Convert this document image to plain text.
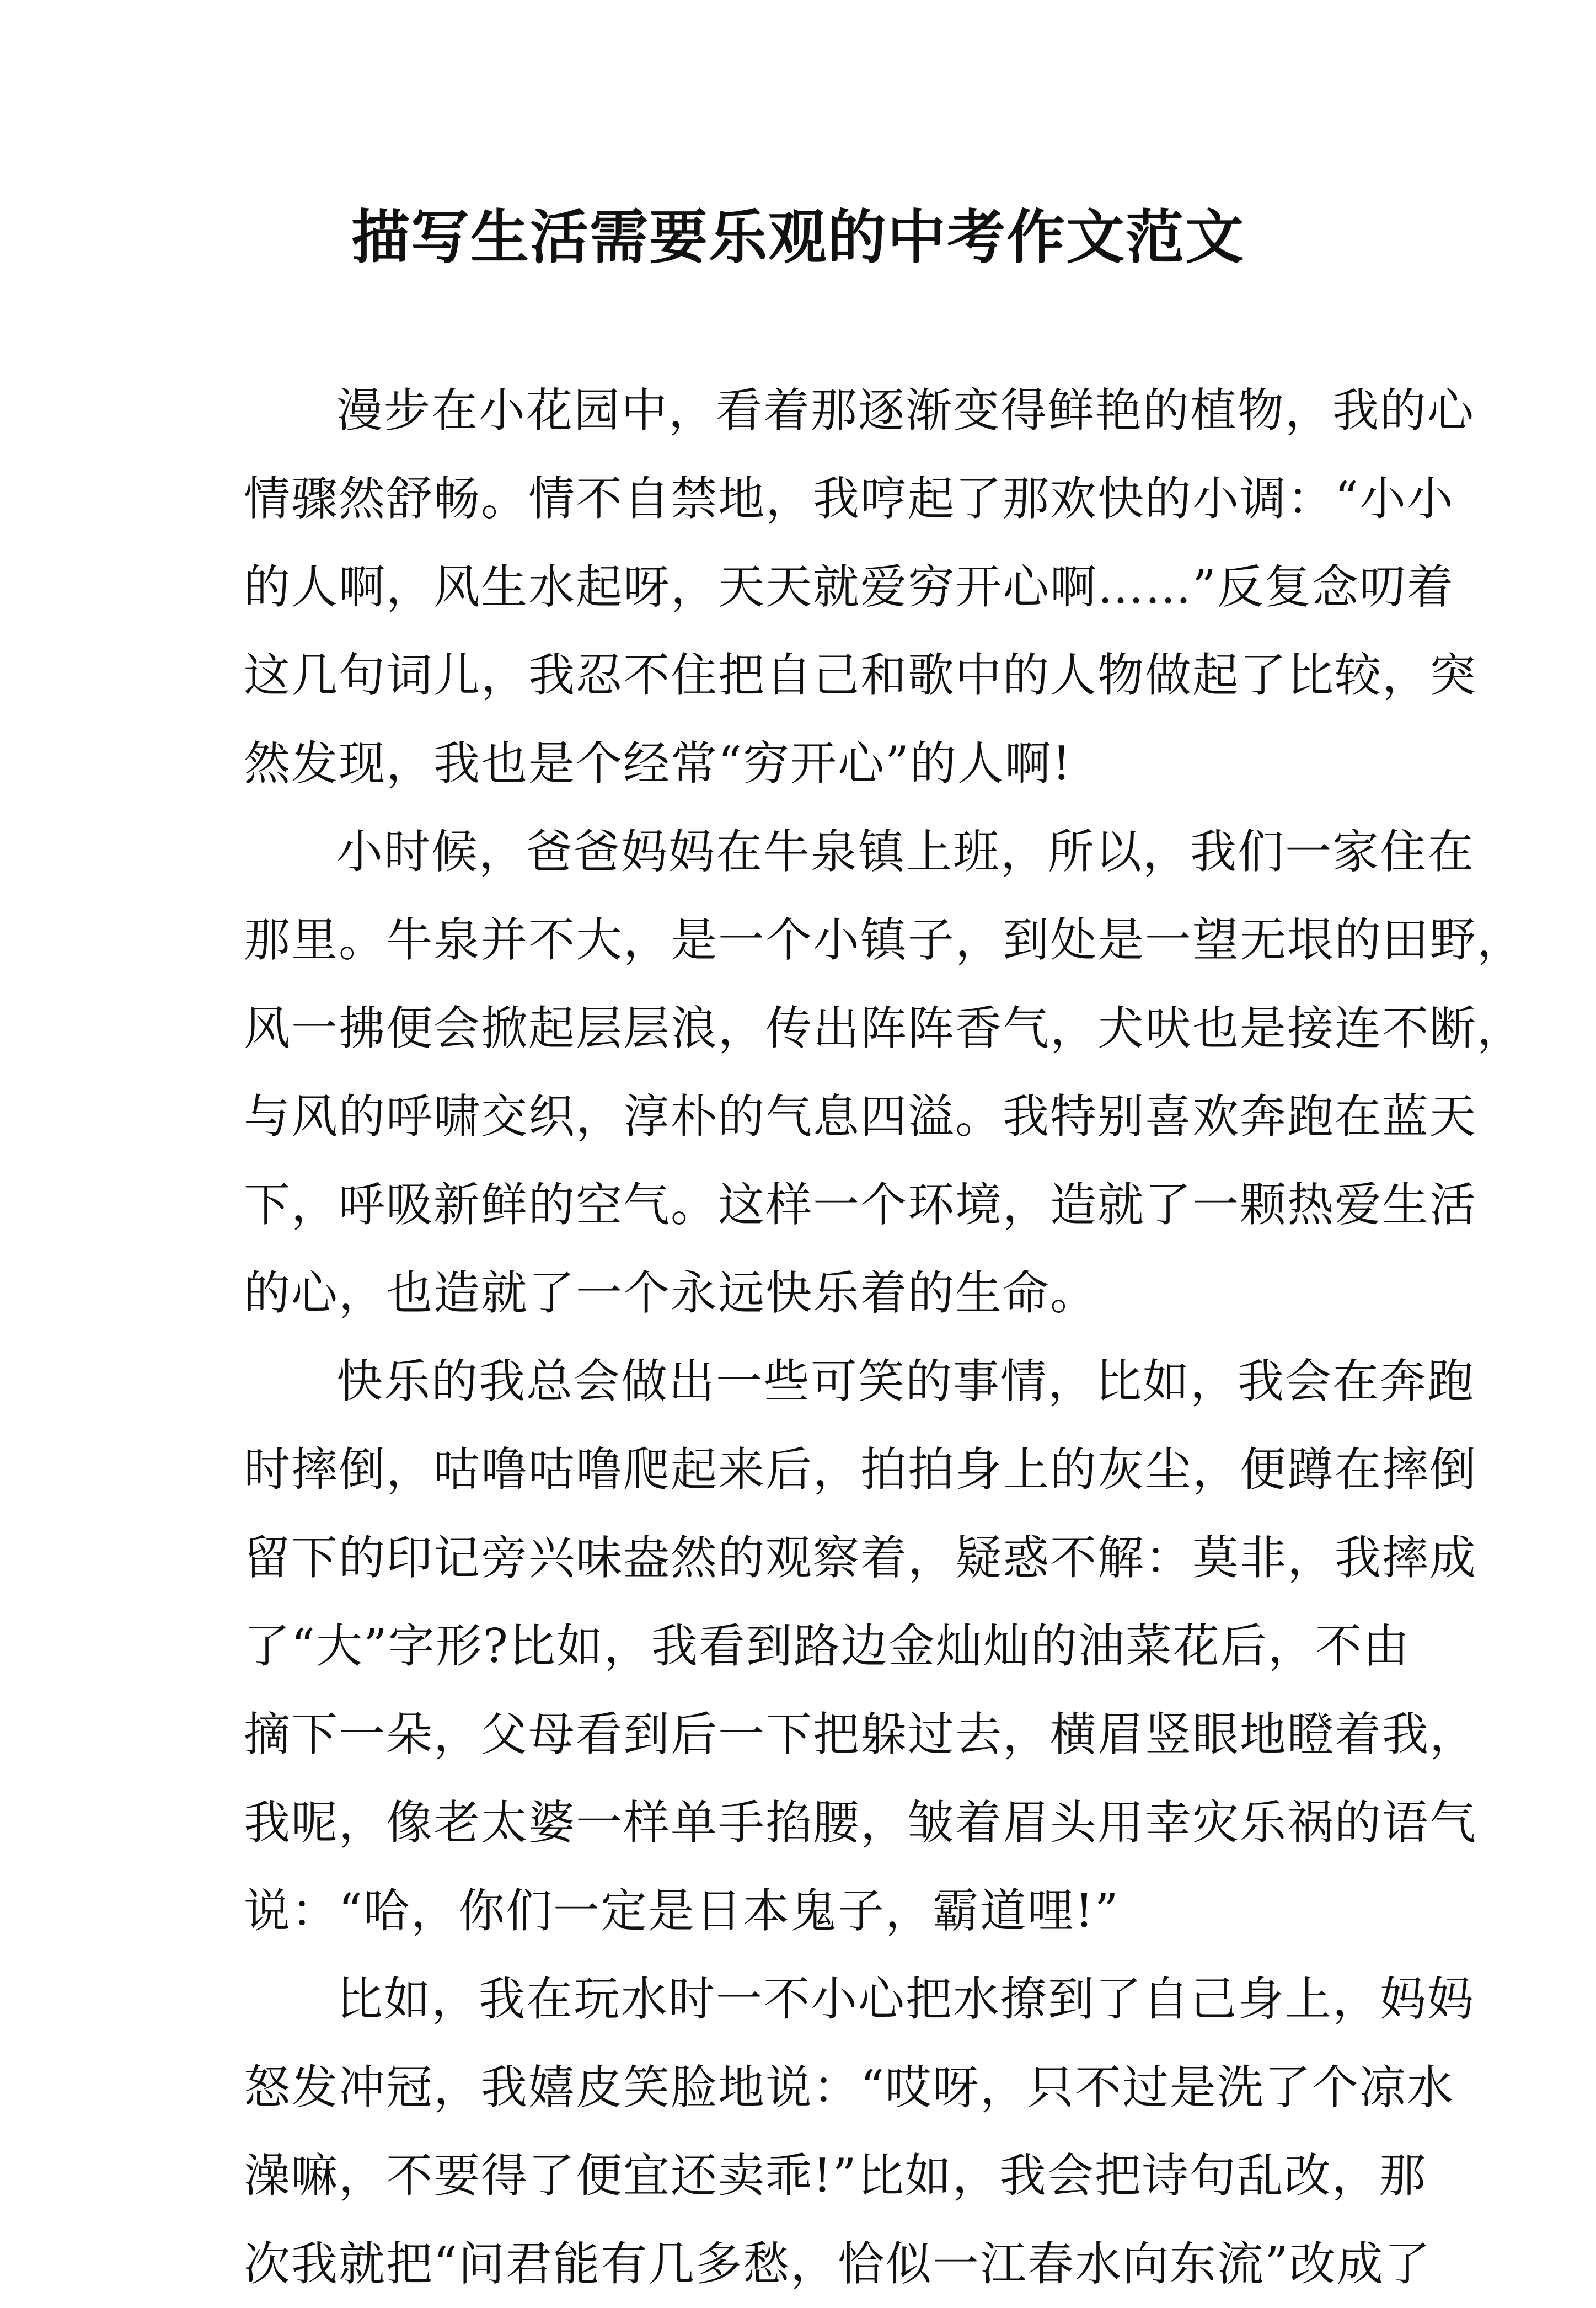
描写生活需要乐观的中考作文范文

漫步在小花园中，看着那逐渐变得鲜艳的植物，我的心
情骤然舒畅。情不自禁地，我哼起了那欢快的小调：“小小
的人啊，风生水起呀，天天就爱穷开心啊……”反复念叨着
这几句词儿，我忍不住把自己和歌中的人物做起了比较，突
然发现，我也是个经常“穷开心”的人啊!

小时候，爸爸妈妈在牛泉镇上班，所以，我们一家住在
那里。牛泉并不大，是一个小镇子，到处是一望无垠的田野，
风一拂便会掀起层层浪，传出阵阵香气，犬吠也是接连不断，
与风的呼啸交织，淳朴的气息四溢。我特别喜欢奔跑在蓝天
下，呼吸新鲜的空气。这样一个环境，造就了一颗热爱生活
的心，也造就了一个永远快乐着的生命。

快乐的我总会做出一些可笑的事情，比如，我会在奔跑
时摔倒，咕噜咕噜爬起来后，拍拍身上的灰尘，便蹲在摔倒
留下的印记旁兴味盎然的观察着，疑惑不解：莫非，我摔成
了“大”字形?比如，我看到路边金灿灿的油菜花后，不由
摘下一朵，父母看到后一下把躲过去，横眉竖眼地瞪着我，
我呢，像老太婆一样单手掐腰，皱着眉头用幸灾乐祸的语气
说：“哈，你们一定是日本鬼子，霸道哩!”

比如，我在玩水时一不小心把水撩到了自己身上，妈妈
怒发冲冠，我嬉皮笑脸地说：“哎呀，只不过是洗了个凉水
澡嘛，不要得了便宜还卖乖!”比如，我会把诗句乱改，那
次我就把“问君能有几多愁，恰似一江春水向东流”改成了
